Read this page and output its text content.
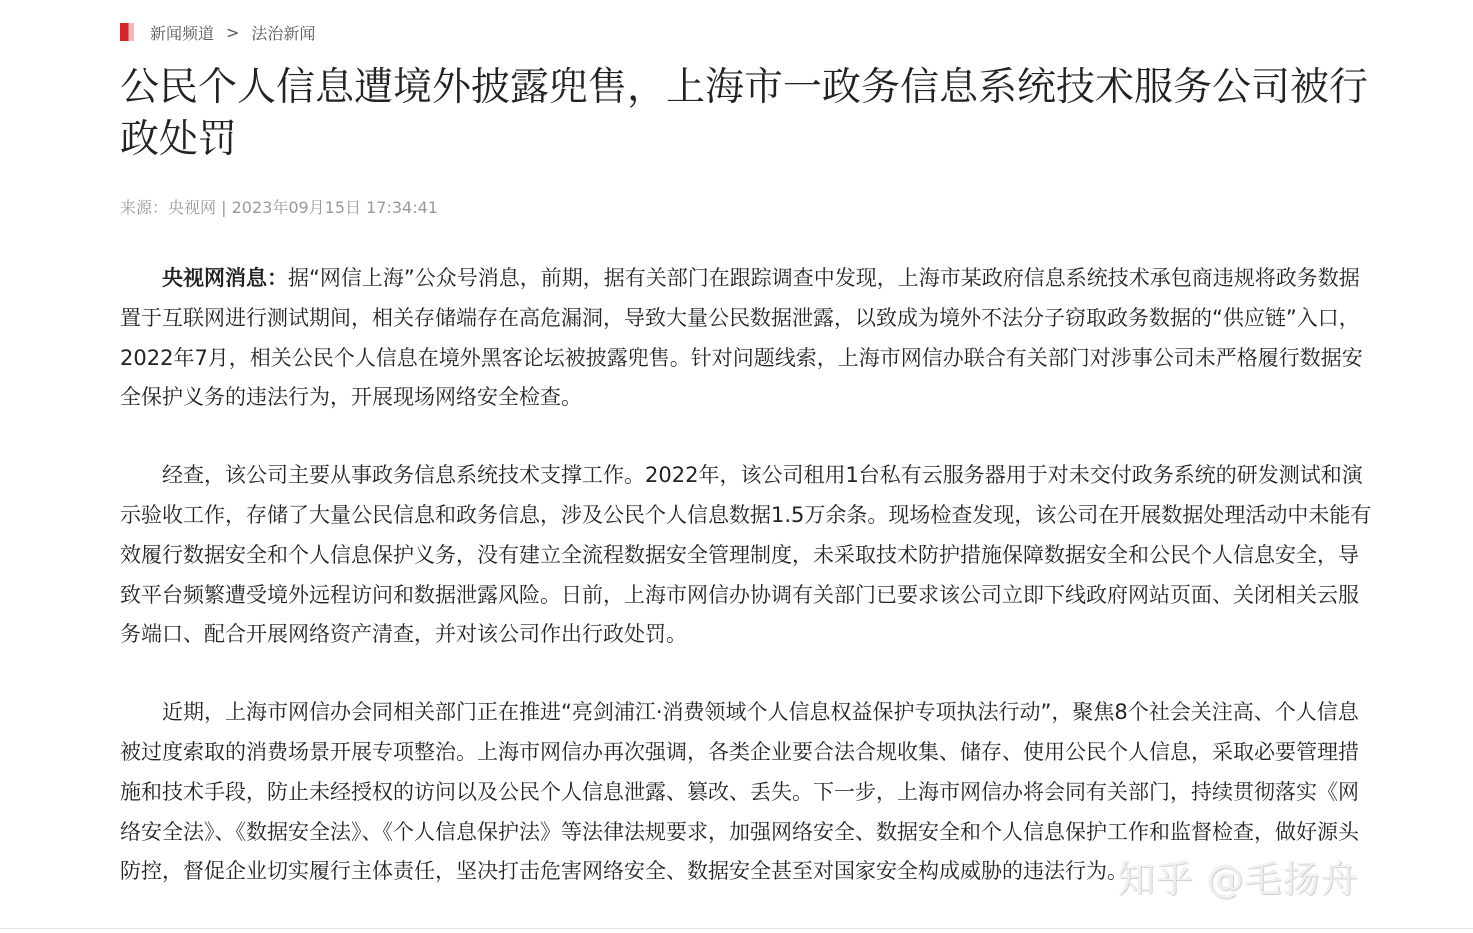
新闻频道 > 法治新闻
公民个人信息遭境外披露兜售，上海市一政务信息系统技术服务公司被行政处罚
来源：央视网 | 2023年09月15日 17:34:41

央视网消息：据“网信上海”公众号消息，前期，据有关部门在跟踪调查中发现，上海市某政府信息系统技术承包商违规将政务数据置于互联网进行测试期间，相关存储端存在高危漏洞，导致大量公民数据泄露，以致成为境外不法分子窃取政务数据的“供应链”入口，2022年7月，相关公民个人信息在境外黑客论坛被披露兜售。针对问题线索，上海市网信办联合有关部门对涉事公司未严格履行数据安全保护义务的违法行为，开展现场网络安全检查。

经查，该公司主要从事政务信息系统技术支撑工作。2022年，该公司租用1台私有云服务器用于对未交付政务系统的研发测试和演示验收工作，存储了大量公民信息和政务信息，涉及公民个人信息数据1.5万余条。现场检查发现，该公司在开展数据处理活动中未能有效履行数据安全和个人信息保护义务，没有建立全流程数据安全管理制度，未采取技术防护措施保障数据安全和公民个人信息安全，导致平台频繁遭受境外远程访问和数据泄露风险。日前，上海市网信办协调有关部门已要求该公司立即下线政府网站页面、关闭相关云服务端口、配合开展网络资产清查，并对该公司作出行政处罚。

近期，上海市网信办会同相关部门正在推进“亮剑浦江·消费领域个人信息权益保护专项执法行动”，聚焦8个社会关注高、个人信息被过度索取的消费场景开展专项整治。上海市网信办再次强调，各类企业要合法合规收集、储存、使用公民个人信息，采取必要管理措施和技术手段，防止未经授权的访问以及公民个人信息泄露、篡改、丢失。下一步，上海市网信办将会同有关部门，持续贯彻落实《网络安全法》、《数据安全法》、《个人信息保护法》等法律法规要求，加强网络安全、数据安全和个人信息保护工作和监督检查，做好源头防控，督促企业切实履行主体责任，坚决打击危害网络安全、数据安全甚至对国家安全构成威胁的违法行为。

知乎 @毛扬舟
